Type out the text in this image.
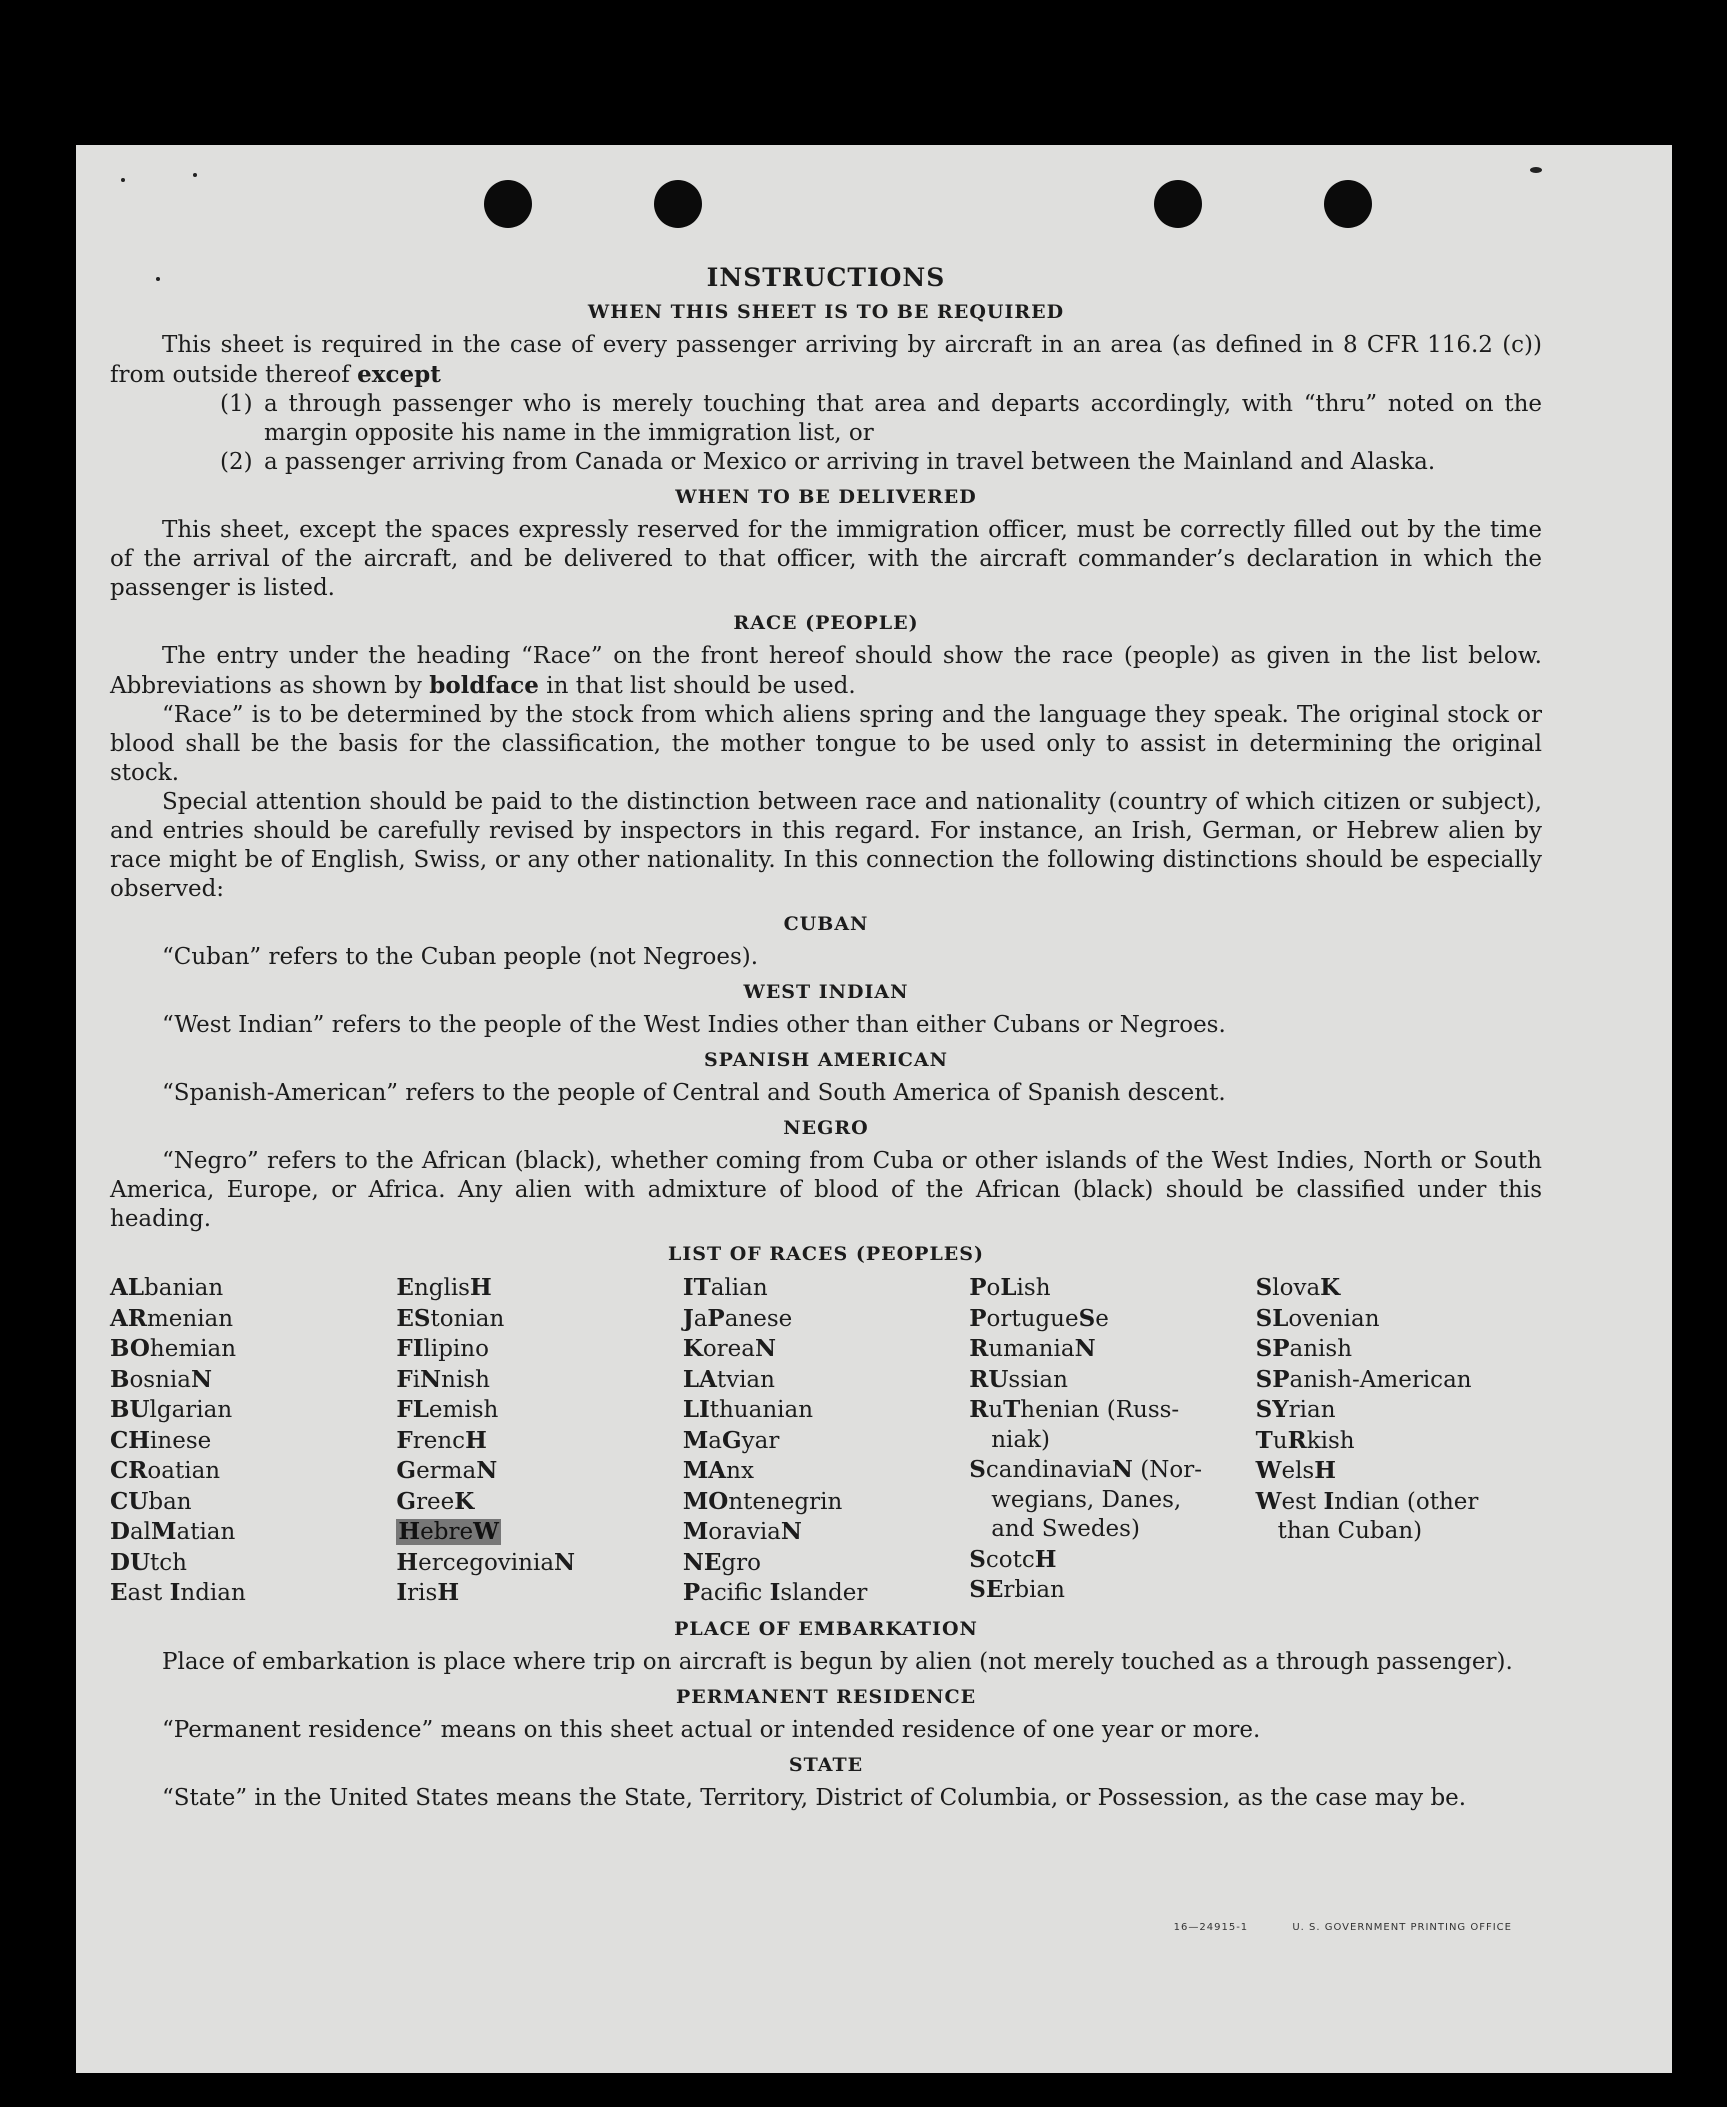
INSTRUCTIONS
WHEN THIS SHEET IS TO BE REQUIRED

This sheet is required in the case of every passenger arriving by aircraft in an area (as defined in 8 CFR 116.2 (c)) from outside thereof except

(1) a through passenger who is merely touching that area and departs accordingly, with “thru” noted on the margin opposite his name in the immigration list, or
(2) a passenger arriving from Canada or Mexico or arriving in travel between the Mainland and Alaska.
WHEN TO BE DELIVERED

This sheet, except the spaces expressly reserved for the immigration officer, must be correctly filled out by the time of the arrival of the aircraft, and be delivered to that officer, with the aircraft commander’s declaration in which the passenger is listed.

RACE (PEOPLE)

The entry under the heading “Race” on the front hereof should show the race (people) as given in the list below. Abbreviations as shown by boldface in that list should be used.

“Race” is to be determined by the stock from which aliens spring and the language they speak. The original stock or blood shall be the basis for the classification, the mother tongue to be used only to assist in determining the original stock.

Special attention should be paid to the distinction between race and nationality (country of which citizen or subject), and entries should be carefully revised by inspectors in this regard. For instance, an Irish, German, or Hebrew alien by race might be of English, Swiss, or any other nationality. In this connection the following distinctions should be especially observed:

CUBAN

“Cuban” refers to the Cuban people (not Negroes).

WEST INDIAN

“West Indian” refers to the people of the West Indies other than either Cubans or Negroes.

SPANISH AMERICAN

“Spanish-American” refers to the people of Central and South America of Spanish descent.

NEGRO

“Negro” refers to the African (black), whether coming from Cuba or other islands of the West Indies, North or South America, Europe, or Africa. Any alien with admixture of blood of the African (black) should be classified under this heading.

LIST OF RACES (PEOPLES)
ALbanian
ARmenian
BOhemian
BosniaN
BUlgarian
CHinese
CRoatian
CUban
DalMatian
DUtch
East Indian
EnglisH
EStonian
FIlipino
FiNnish
FLemish
FrencH
GermaN
GreeK
HebreW
HercegoviniaN
IrisH
ITalian
JaPanese
KoreaN
LAtvian
LIthuanian
MaGyar
MAnx
MOntenegrin
MoraviaN
NEgro
Pacific Islander
PoLish
PortugueSe
RumaniaN
RUssian
RuThenian (Russ-
niak)
ScandinaviaN (Nor-
wegians, Danes,
and Swedes)
ScotcH
SErbian
SlovaK
SLovenian
SPanish
SPanish-American
SYrian
TuRkish
WelsH
West Indian (other
than Cuban)
PLACE OF EMBARKATION

Place of embarkation is place where trip on aircraft is begun by alien (not merely touched as a through passenger).

PERMANENT RESIDENCE

“Permanent residence” means on this sheet actual or intended residence of one year or more.

STATE

“State” in the United States means the State, Territory, District of Columbia, or Possession, as the case may be.

16—24915-1	U. S. GOVERNMENT PRINTING OFFICE
